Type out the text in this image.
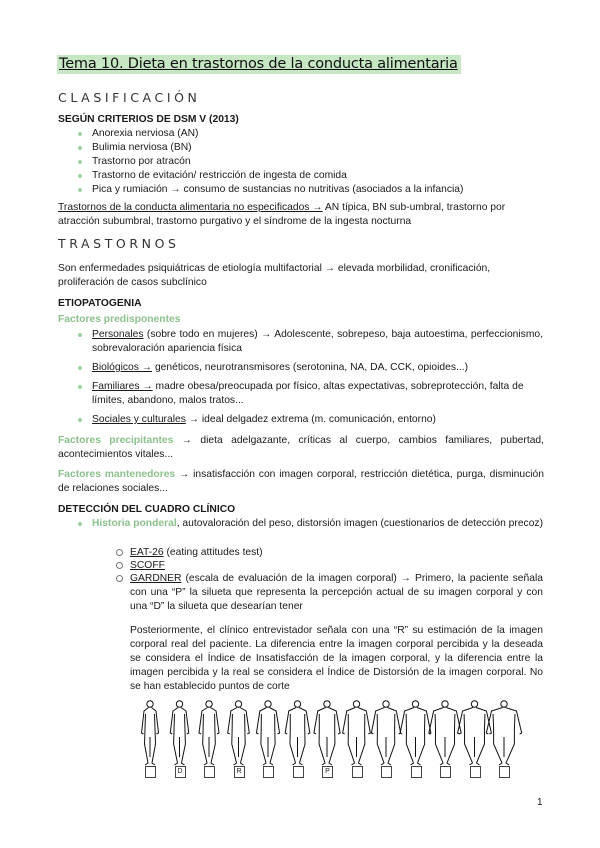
Tema 10. Dieta en trastornos de la conducta alimentaria
CLASIFICACIÓN
SEGÚN CRITERIOS DE DSM V (2013)
Anorexia nerviosa (AN)
Bulimia nerviosa (BN)
Trastorno por atracón
Trastorno de evitación/ restricción de ingesta de comida
Pica y rumiación → consumo de sustancias no nutritivas (asociados a la infancia)
Trastornos de la conducta alimentaria no especificados → AN típica, BN sub-umbral, trastorno por atracción subumbral, trastorno purgativo y el síndrome de la ingesta nocturna
TRASTORNOS
Son enfermedades psiquiátricas de etiología multifactorial → elevada morbilidad, cronificación, proliferación de casos subclínico
ETIOPATOGENIA
Factores predisponentes
Personales (sobre todo en mujeres) → Adolescente, sobrepeso, baja autoestima, perfeccionismo, sobrevaloración apariencia física
Biológicos → genéticos, neurotransmisores (serotonina, NA, DA, CCK, opioides...)
Familiares → madre obesa/preocupada por físico, altas expectativas, sobreprotección, falta de límites, abandono, malos tratos...
Sociales y culturales → ideal delgadez extrema (m. comunicación, entorno)
Factores precipitantes → dieta adelgazante, críticas al cuerpo, cambios familiares, pubertad, acontecimientos vitales...
Factores mantenedores → insatisfacción con imagen corporal, restricción dietética, purga, disminución de relaciones sociales...
DETECCIÓN DEL CUADRO CLÍNICO
Historia ponderal, autovaloración del peso, distorsión imagen (cuestionarios de detección precoz)
EAT-26 (eating attitudes test)
SCOFF
GARDNER (escala de evaluación de la imagen corporal) → Primero, la paciente señala con una “P” la silueta que representa la percepción actual de su imagen corporal y con una “D” la silueta que desearían tener
Posteriormente, el clínico entrevistador señala con una “R” su estimación de la imagen corporal real del paciente. La diferencia entre la imagen corporal percibida y la deseada se considera el Índice de Insatisfacción de la imagen corporal, y la diferencia entre la imagen percibida y la real se considera el Índice de Distorsión de la imagen corporal. No se han establecido puntos de corte
D	R	P
1
